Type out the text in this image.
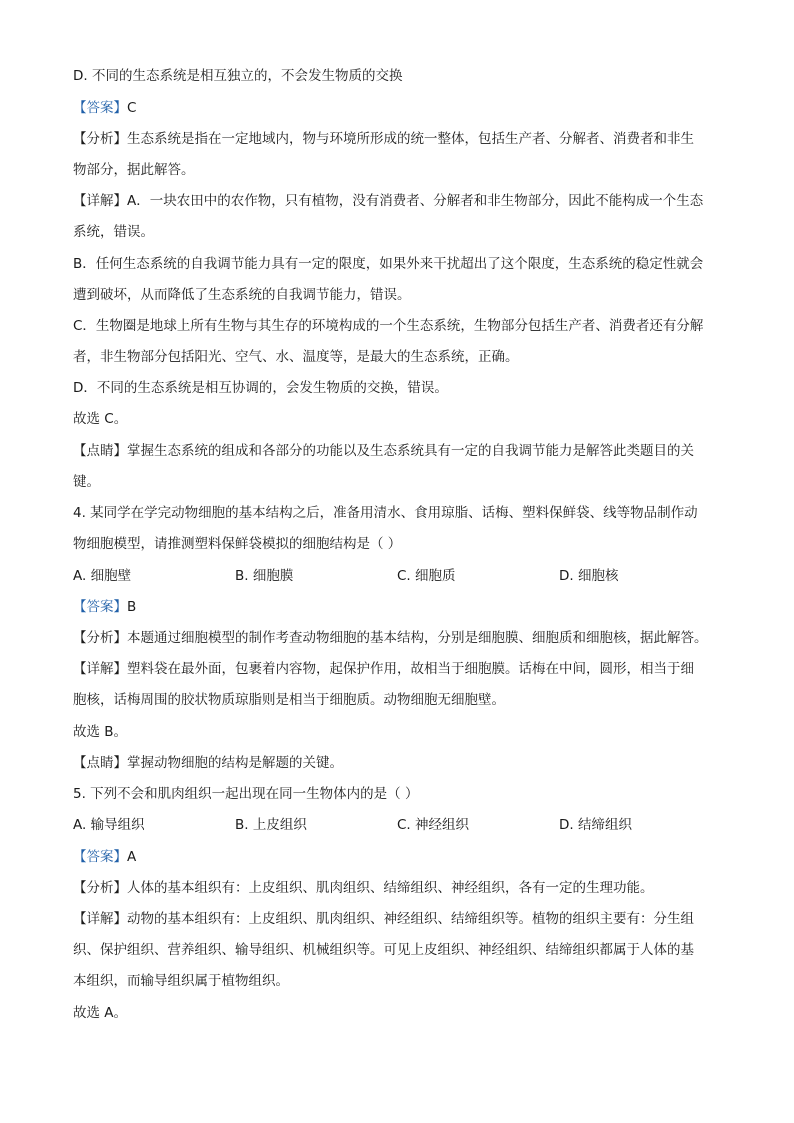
D. 不同的生态系统是相互独立的，不会发生物质的交换
【答案】C
【分析】生态系统是指在一定地域内，物与环境所形成的统一整体，包括生产者、分解者、消费者和非生
物部分，据此解答。
【详解】A．一块农田中的农作物，只有植物，没有消费者、分解者和非生物部分，因此不能构成一个生态
系统，错误。
B．任何生态系统的自我调节能力具有一定的限度，如果外来干扰超出了这个限度，生态系统的稳定性就会
遭到破坏，从而降低了生态系统的自我调节能力，错误。
C．生物圈是地球上所有生物与其生存的环境构成的一个生态系统，生物部分包括生产者、消费者还有分解
者，非生物部分包括阳光、空气、水、温度等，是最大的生态系统，正确。
D．不同的生态系统是相互协调的，会发生物质的交换，错误。
故选 C。
【点睛】掌握生态系统的组成和各部分的功能以及生态系统具有一定的自我调节能力是解答此类题目的关
键。
4. 某同学在学完动物细胞的基本结构之后，准备用清水、食用琼脂、话梅、塑料保鲜袋、线等物品制作动
物细胞模型，请推测塑料保鲜袋模拟的细胞结构是（ ）
A. 细胞壁	B. 细胞膜	C. 细胞质	D. 细胞核
【答案】B
【分析】本题通过细胞模型的制作考查动物细胞的基本结构，分别是细胞膜、细胞质和细胞核，据此解答。
【详解】塑料袋在最外面，包裹着内容物，起保护作用，故相当于细胞膜。话梅在中间，圆形，相当于细
胞核，话梅周围的胶状物质琼脂则是相当于细胞质。动物细胞无细胞壁。
故选 B。
【点睛】掌握动物细胞的结构是解题的关键。
5. 下列不会和肌肉组织一起出现在同一生物体内的是（ ）
A. 输导组织	B. 上皮组织	C. 神经组织	D. 结缔组织
【答案】A
【分析】人体的基本组织有：上皮组织、肌肉组织、结缔组织、神经组织，各有一定的生理功能。
【详解】动物的基本组织有：上皮组织、肌肉组织、神经组织、结缔组织等。植物的组织主要有：分生组
织、保护组织、营养组织、输导组织、机械组织等。可见上皮组织、神经组织、结缔组织都属于人体的基
本组织，而输导组织属于植物组织。
故选 A。
